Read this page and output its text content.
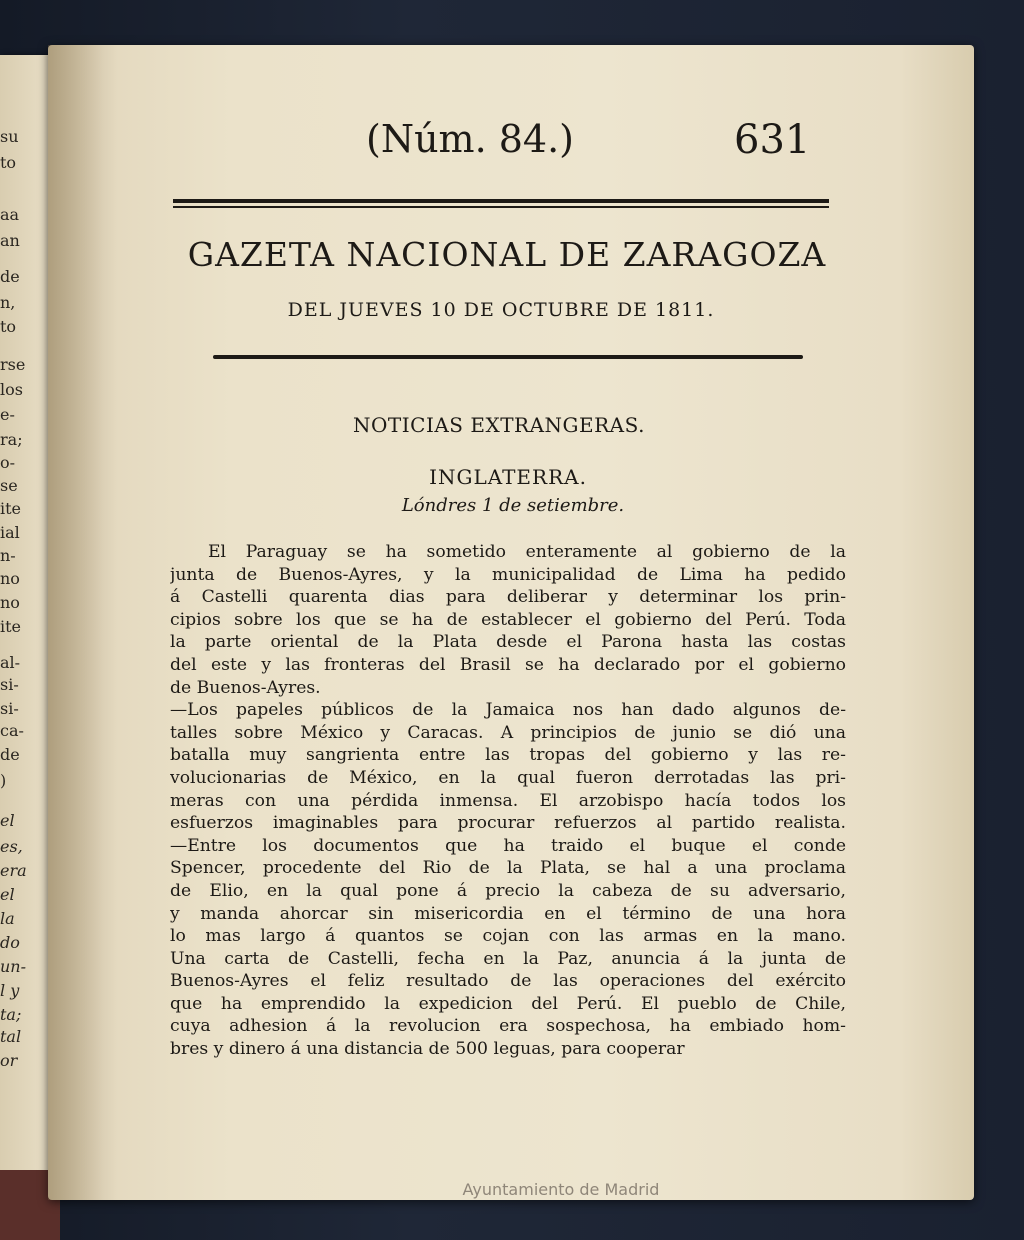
su
to
aa
an
de
n,
to
rse
los
e-
ra;
o-
se
ite
ial
n-
no
no
ite
al-
si-
si-
ca-
de
)
el
es,
era
el
la
do
un-
l y
ta;
tal
or
(Núm. 84.)	631
GAZETA NACIONAL DE ZARAGOZA
DEL JUEVES 10 DE OCTUBRE DE 1811.
NOTICIAS EXTRANGERAS.
INGLATERRA.
Lóndres 1 de setiembre.
El Paraguay se ha sometido enteramente al gobierno de la
junta de Buenos-Ayres, y la municipalidad de Lima ha pedido
á Castelli quarenta dias para deliberar y determinar los prin-
cipios sobre los que se ha de establecer el gobierno del Perú. Toda
la parte oriental de la Plata desde el Parona hasta las costas
del este y las fronteras del Brasil se ha declarado por el gobierno
de Buenos-Ayres.
—Los papeles públicos de la Jamaica nos han dado algunos de-
talles sobre México y Caracas. A principios de junio se dió una
batalla muy sangrienta entre las tropas del gobierno y las re-
volucionarias de México, en la qual fueron derrotadas las pri-
meras con una pérdida inmensa. El arzobispo hacía todos los
esfuerzos imaginables para procurar refuerzos al partido realista.
—Entre los documentos que ha traido el buque el conde
Spencer, procedente del Rio de la Plata, se hal a una proclama
de Elio, en la qual pone á precio la cabeza de su adversario,
y manda ahorcar sin misericordia en el término de una hora
lo mas largo á quantos se cojan con las armas en la mano.
Una carta de Castelli, fecha en la Paz, anuncia á la junta de
Buenos-Ayres el feliz resultado de las operaciones del exército
que ha emprendido la expedicion del Perú. El pueblo de Chile,
cuya adhesion á la revolucion era sospechosa, ha embiado hom-
bres y dinero á una distancia de 500 leguas, para cooperar
Ayuntamiento de Madrid
